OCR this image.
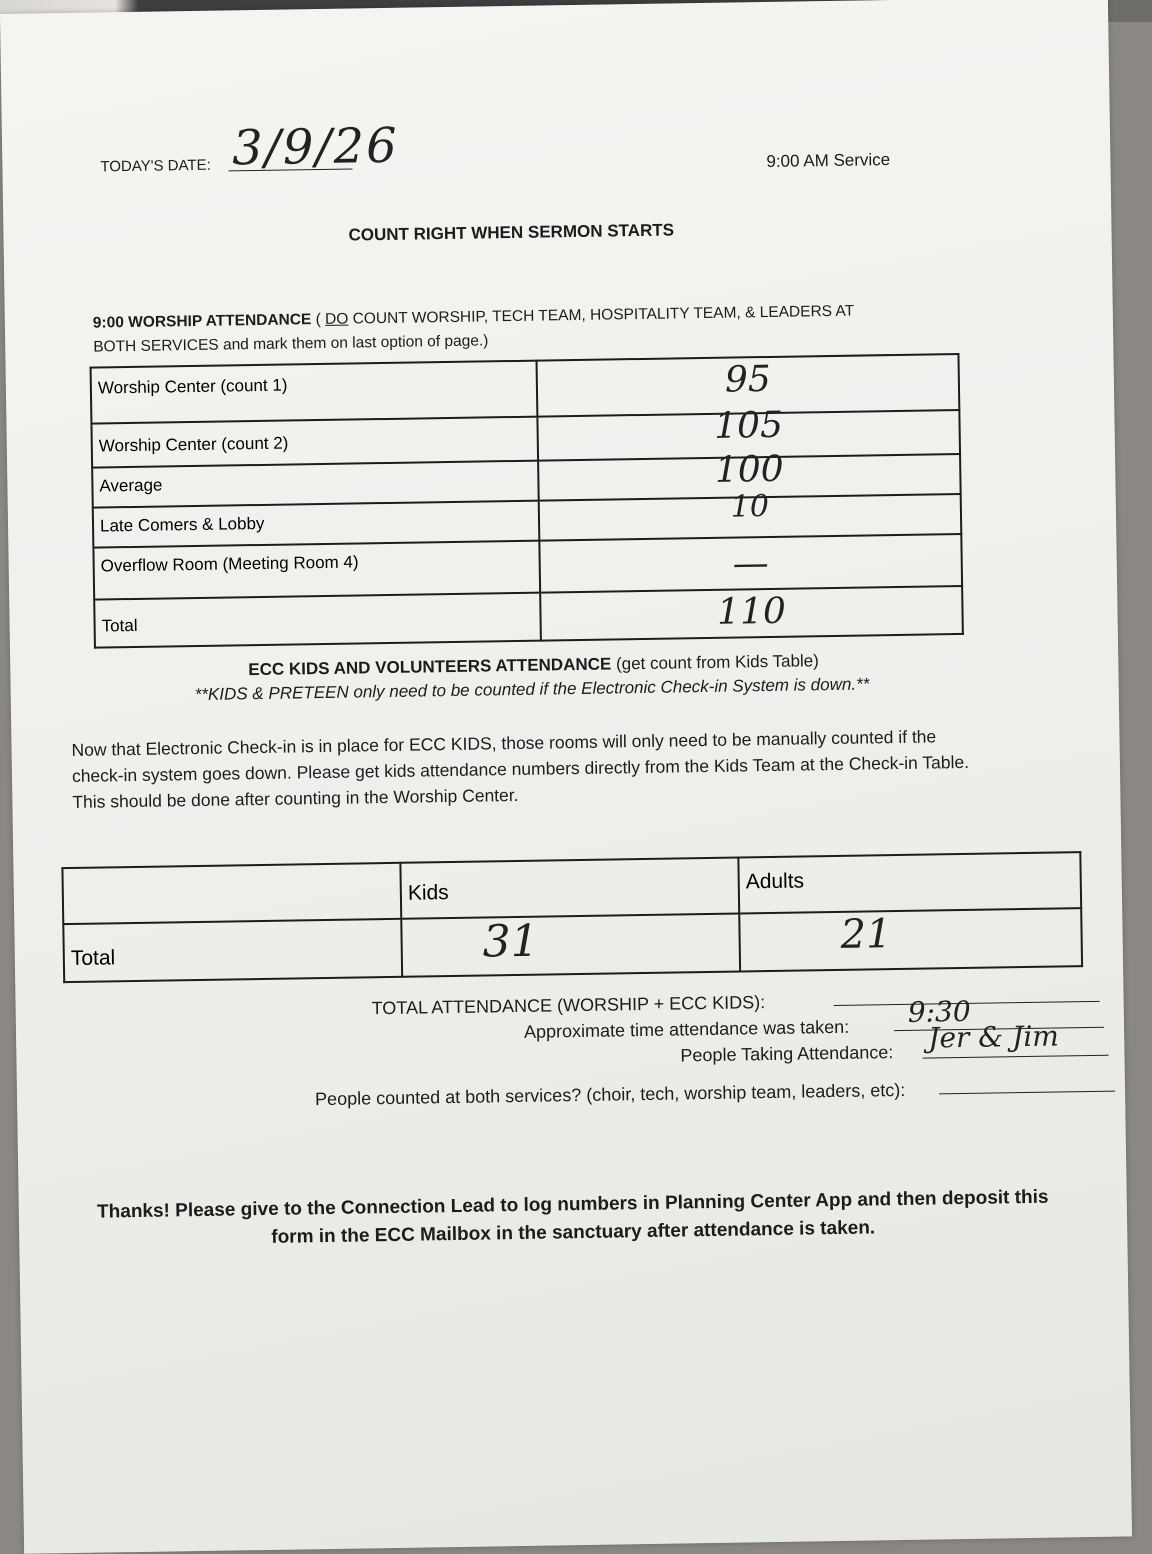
TODAY'S DATE: 3/9/26	9:00 AM Service
COUNT RIGHT WHEN SERMON STARTS
9:00 WORSHIP ATTENDANCE ( DO COUNT WORSHIP, TECH TEAM, HOSPITALITY TEAM, & LEADERS AT
BOTH SERVICES and mark them on last option of page.)
Worship Center (count 1)	95

Worship Center (count 2)	105

Average	100

Late Comers & Lobby	10

Overflow Room (Meeting Room 4)	—

Total	110
ECC KIDS AND VOLUNTEERS ATTENDANCE (get count from Kids Table)
**KIDS & PRETEEN only need to be counted if the Electronic Check-in System is down.**
Now that Electronic Check-in is in place for ECC KIDS, those rooms will only need to be manually counted if the
check-in system goes down. Please get kids attendance numbers directly from the Kids Team at the Check-in Table.
This should be done after counting in the Worship Center.

	Kids	Adults

Total	31	21
TOTAL ATTENDANCE (WORSHIP + ECC KIDS):
Approximate time attendance was taken:
9:30
People Taking Attendance: Jer & Jim
People counted at both services? (choir, tech, worship team, leaders, etc):
Thanks! Please give to the Connection Lead to log numbers in Planning Center App and then deposit this
form in the ECC Mailbox in the sanctuary after attendance is taken.
